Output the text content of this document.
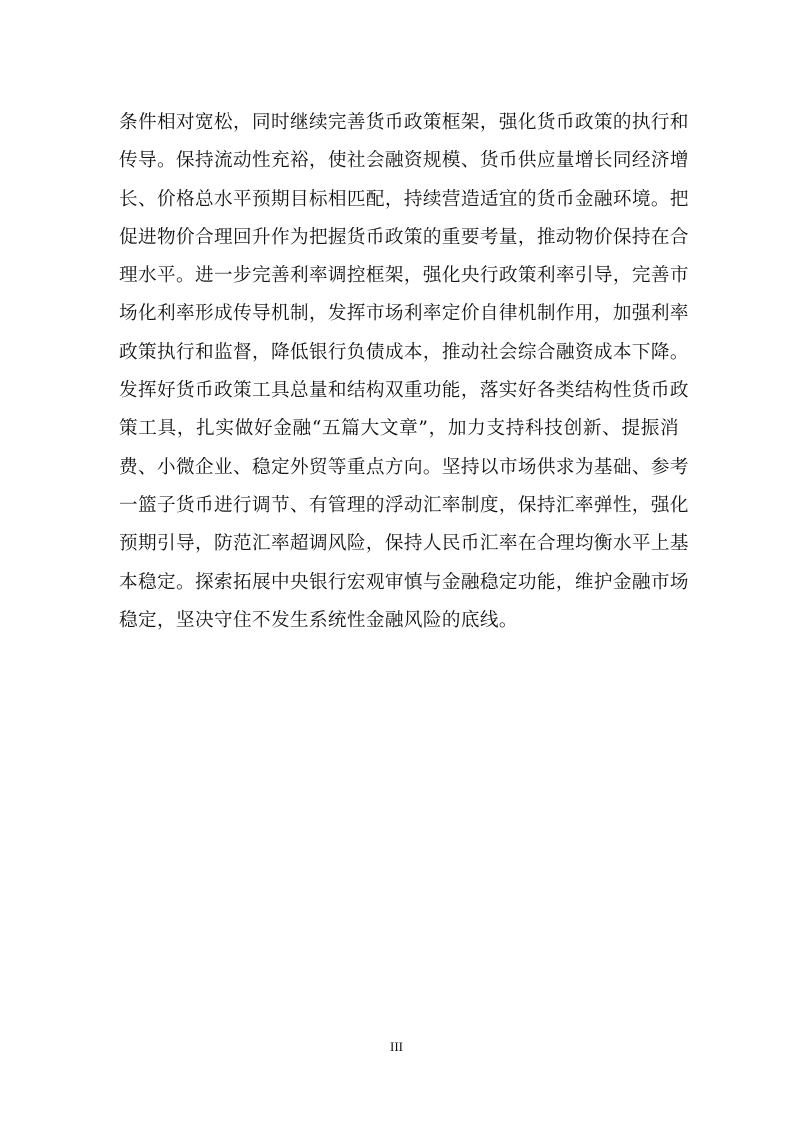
条件相对宽松，同时继续完善货币政策框架，强化货币政策的执行和
传导。保持流动性充裕，使社会融资规模、货币供应量增长同经济增
长、价格总水平预期目标相匹配，持续营造适宜的货币金融环境。把
促进物价合理回升作为把握货币政策的重要考量，推动物价保持在合
理水平。进一步完善利率调控框架，强化央行政策利率引导，完善市
场化利率形成传导机制，发挥市场利率定价自律机制作用，加强利率
政策执行和监督，降低银行负债成本，推动社会综合融资成本下降。
发挥好货币政策工具总量和结构双重功能，落实好各类结构性货币政
策工具，扎实做好金融“五篇大文章”，加力支持科技创新、提振消
费、小微企业、稳定外贸等重点方向。坚持以市场供求为基础、参考
一篮子货币进行调节、有管理的浮动汇率制度，保持汇率弹性，强化
预期引导，防范汇率超调风险，保持人民币汇率在合理均衡水平上基
本稳定。探索拓展中央银行宏观审慎与金融稳定功能，维护金融市场
稳定，坚决守住不发生系统性金融风险的底线。
III
